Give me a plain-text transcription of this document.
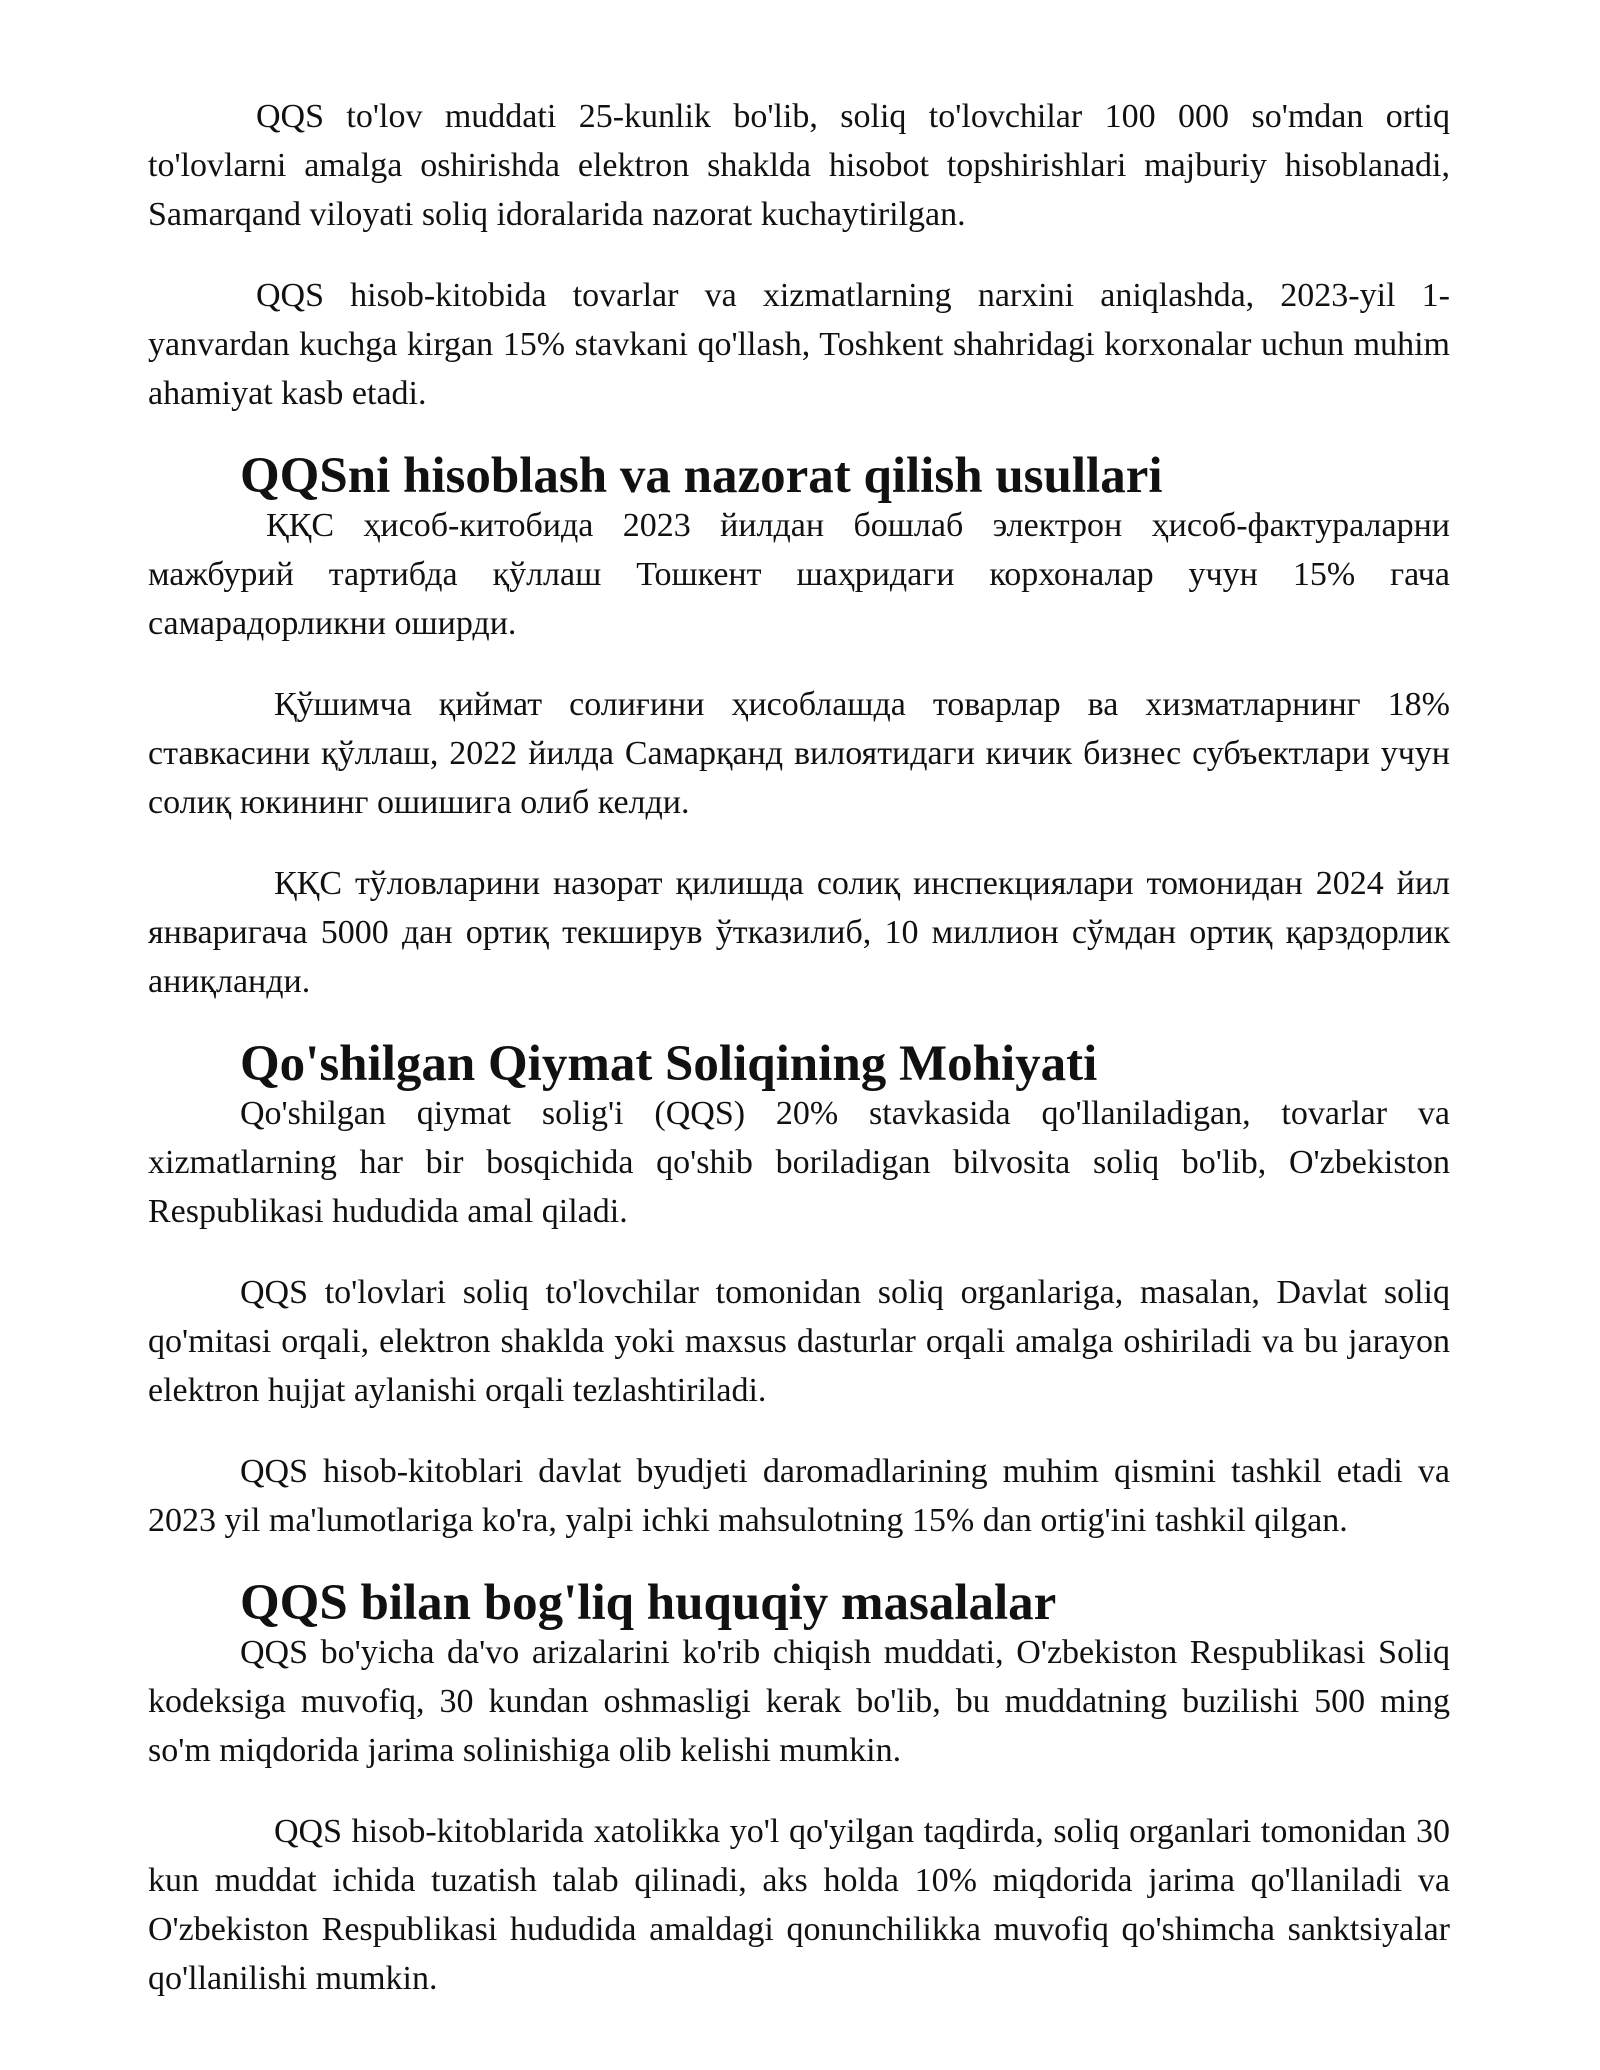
QQS to'lov muddati 25-kunlik bo'lib, soliq to'lovchilar 100 000 so'mdan ortiq to'lovlarni amalga oshirishda elektron shaklda hisobot topshirishlari majburiy hisoblanadi, Samarqand viloyati soliq idoralarida nazorat kuchaytirilgan.

QQS hisob-kitobida tovarlar va xizmatlarning narxini aniqlashda, 2023-yil 1-yanvardan kuchga kirgan 15% stavkani qo'llash, Toshkent shahridagi korxonalar uchun muhim ahamiyat kasb etadi.

QQSni hisoblash va nazorat qilish usullari

ҚҚС ҳисоб-китобида 2023 йилдан бошлаб электрон ҳисоб-фактураларни мажбурий тартибда қўллаш Тошкент шаҳридаги корхоналар учун 15% гача самарадорликни оширди.

Қўшимча қиймат солиғини ҳисоблашда товарлар ва хизматларнинг 18% ставкасини қўллаш, 2022 йилда Самарқанд вилоятидаги кичик бизнес субъектлари учун солиқ юкининг ошишига олиб келди.

ҚҚС тўловларини назорат қилишда солиқ инспекциялари томонидан 2024 йил январигача 5000 дан ортиқ текширув ўтказилиб, 10 миллион сўмдан ортиқ қарздорлик аниқланди.

Qo'shilgan Qiymat Soliqining Mohiyati

Qo'shilgan qiymat solig'i (QQS) 20% stavkasida qo'llaniladigan, tovarlar va xizmatlarning har bir bosqichida qo'shib boriladigan bilvosita soliq bo'lib, O'zbekiston Respublikasi hududida amal qiladi.

QQS to'lovlari soliq to'lovchilar tomonidan soliq organlariga, masalan, Davlat soliq qo'mitasi orqali, elektron shaklda yoki maxsus dasturlar orqali amalga oshiriladi va bu jarayon elektron hujjat aylanishi orqali tezlashtiriladi.

QQS hisob-kitoblari davlat byudjeti daromadlarining muhim qismini tashkil etadi va 2023 yil ma'lumotlariga ko'ra, yalpi ichki mahsulotning 15% dan ortig'ini tashkil qilgan.

QQS bilan bog'liq huquqiy masalalar

QQS bo'yicha da'vo arizalarini ko'rib chiqish muddati, O'zbekiston Respublikasi Soliq kodeksiga muvofiq, 30 kundan oshmasligi kerak bo'lib, bu muddatning buzilishi 500 ming so'm miqdorida jarima solinishiga olib kelishi mumkin.

QQS hisob-kitoblarida xatolikka yo'l qo'yilgan taqdirda, soliq organlari tomonidan 30 kun muddat ichida tuzatish talab qilinadi, aks holda 10% miqdorida jarima qo'llaniladi va O'zbekiston Respublikasi hududida amaldagi qonunchilikka muvofiq qo'shimcha sanktsiyalar qo'llanilishi mumkin.
